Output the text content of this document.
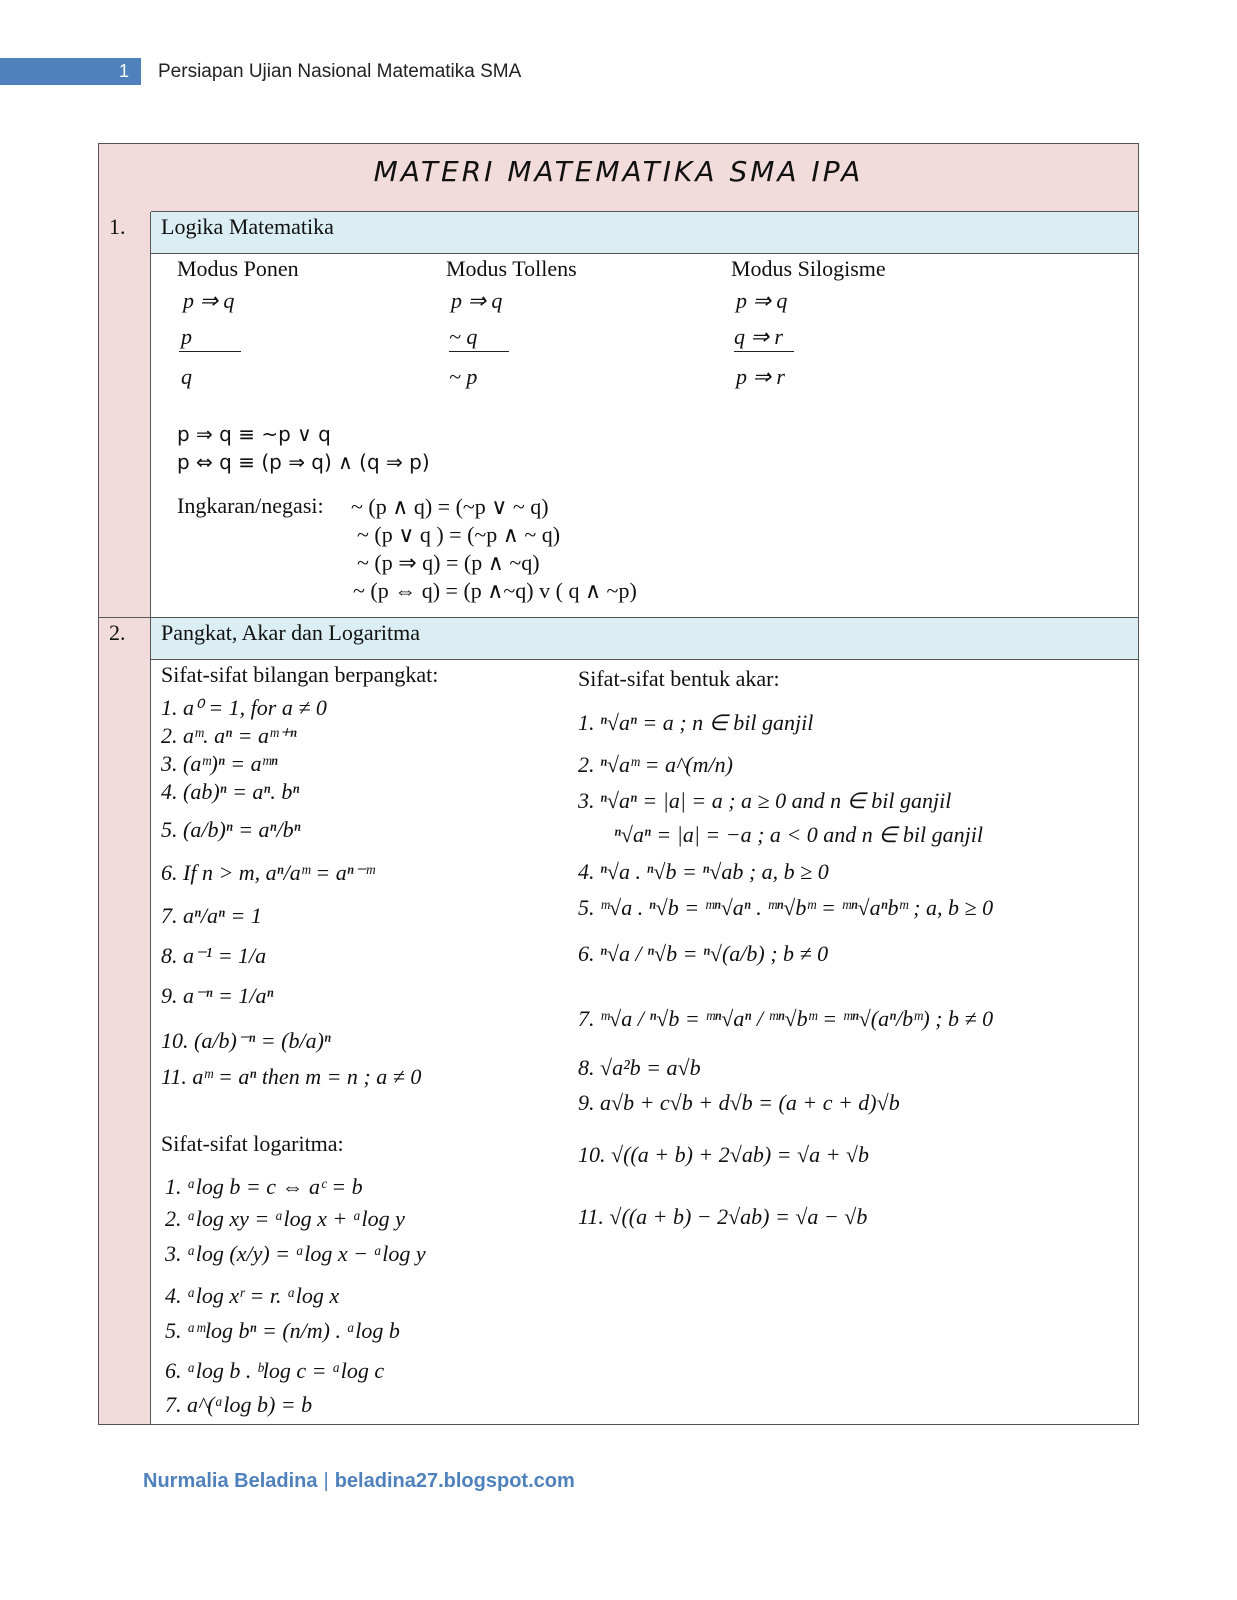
1 Persiapan Ujian Nasional Matematika SMA
MATERI MATEMATIKA SMA IPA
1. Logika Matematika
Modus Ponen
p ⇒ q
p
q
Modus Tollens
p ⇒ q
~ q
~ p
Modus Silogisme
p ⇒ q
q ⇒ r
p ⇒ r
p ⇒ q ≡ ~p ∨ q
p ⇔ q ≡ (p ⇒ q) ∧ (q ⇒ p)
Ingkaran/negasi: ~ (p ∧ q) = (~p ∨ ~ q)
~ (p ∨ q ) = (~p ∧ ~ q)
~ (p ⇒ q) = (p ∧ ~q)
~ (p ⇔ q) = (p ∧~q) v ( q ∧ ~p)
2. Pangkat, Akar dan Logaritma
Sifat-sifat bilangan berpangkat:
1. a⁰ = 1, for a ≠ 0
2. aᵐ. aⁿ = aᵐ⁺ⁿ
3. (aᵐ)ⁿ = aᵐⁿ
4. (ab)ⁿ = aⁿ. bⁿ
5. (a/b)ⁿ = aⁿ/bⁿ
6. If n > m, aⁿ/aᵐ = aⁿ⁻ᵐ
7. aⁿ/aⁿ = 1
8. a⁻¹ = 1/a
9. a⁻ⁿ = 1/aⁿ
10. (a/b)⁻ⁿ = (b/a)ⁿ
11. aᵐ = aⁿ then m = n ; a ≠ 0
Sifat-sifat logaritma:
1. ᵃlog b = c ⇔ aᶜ = b
2. ᵃlog xy = ᵃlog x + ᵃlog y
3. ᵃlog (x/y) = ᵃlog x − ᵃlog y
4. ᵃlog xʳ = r. ᵃlog x
5. ᵃᵐlog bⁿ = (n/m) . ᵃlog b
6. ᵃlog b . ᵇlog c = ᵃlog c
7. a^(ᵃlog b) = b
Sifat-sifat bentuk akar:
1. ⁿ√aⁿ = a ; n ∈ bil ganjil
2. ⁿ√aᵐ = a^(m/n)
3. ⁿ√aⁿ = |a| = a ; a ≥ 0 and n ∈ bil ganjil
ⁿ√aⁿ = |a| = −a ; a < 0 and n ∈ bil ganjil
4. ⁿ√a . ⁿ√b = ⁿ√ab ; a, b ≥ 0
5. ᵐ√a . ⁿ√b = ᵐⁿ√aⁿ . ᵐⁿ√bᵐ = ᵐⁿ√aⁿbᵐ ; a, b ≥ 0
6. ⁿ√a / ⁿ√b = ⁿ√(a/b) ; b ≠ 0
7. ᵐ√a / ⁿ√b = ᵐⁿ√aⁿ / ᵐⁿ√bᵐ = ᵐⁿ√(aⁿ/bᵐ) ; b ≠ 0
8. √a²b = a√b
9. a√b + c√b + d√b = (a + c + d)√b
10. √((a + b) + 2√ab) = √a + √b
11. √((a + b) − 2√ab) = √a − √b
Nurmalia Beladina | beladina27.blogspot.com
